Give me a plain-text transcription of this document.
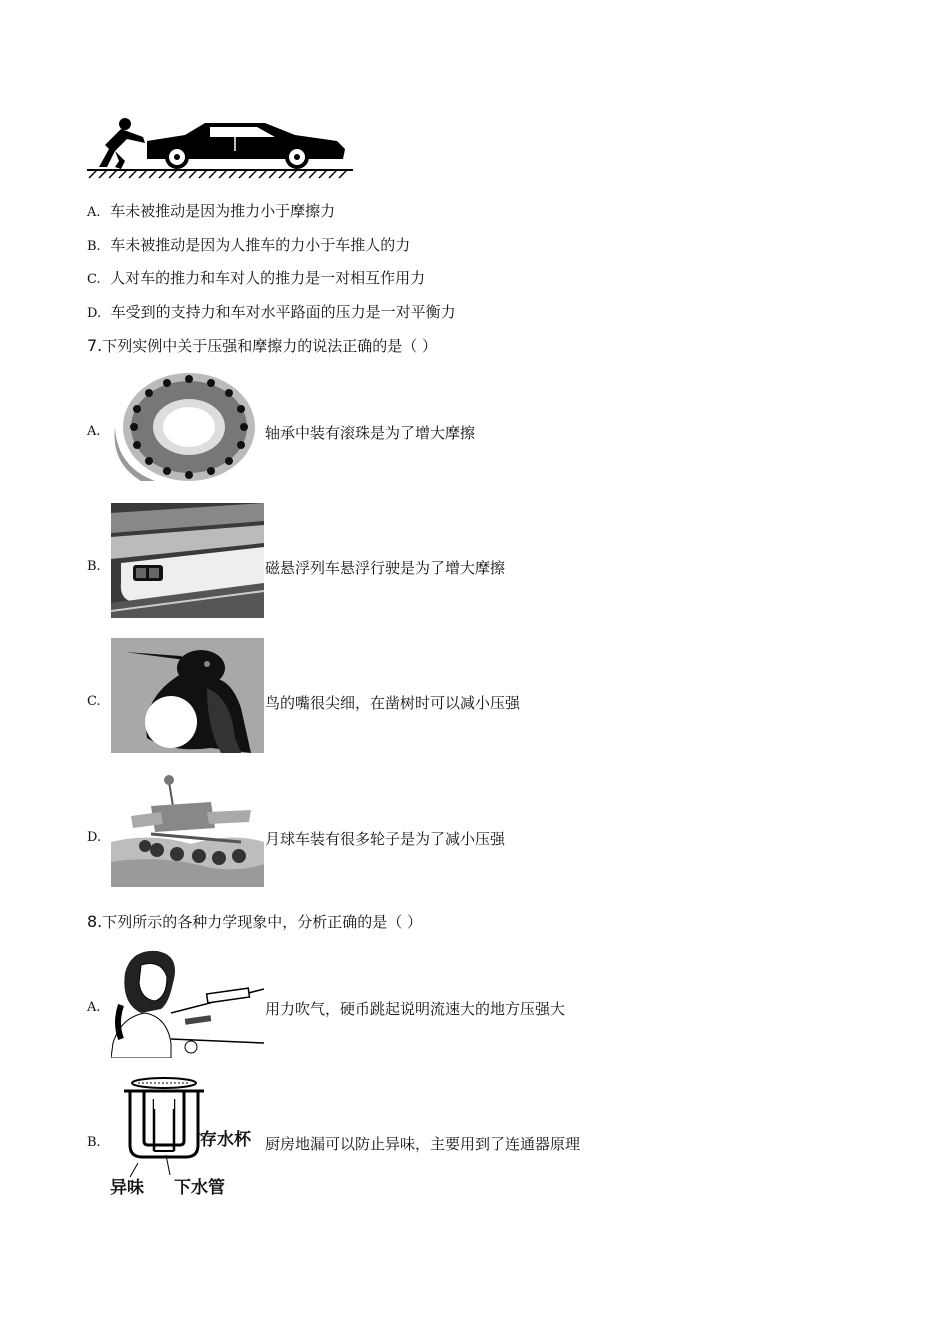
A. 车未被推动是因为推力小于摩擦力
B. 车未被推动是因为人推车的力小于车推人的力
C. 人对车的推力和车对人的推力是一对相互作用力
D. 车受到的支持力和车对水平路面的压力是一对平衡力
7.下列实例中关于压强和摩擦力的说法正确的是（ ）
A.	轴承中装有滚珠是为了增大摩擦
B.	磁悬浮列车悬浮行驶是为了增大摩擦
C.	鸟的嘴很尖细，在凿树时可以减小压强
D.	月球车装有很多轮子是为了减小压强
8.下列所示的各种力学现象中，分析正确的是（ ）
A.	用力吹气，硬币跳起说明流速大的地方压强大
B.	存水杯
异味 下水管
厨房地漏可以防止异味，主要用到了连通器原理
